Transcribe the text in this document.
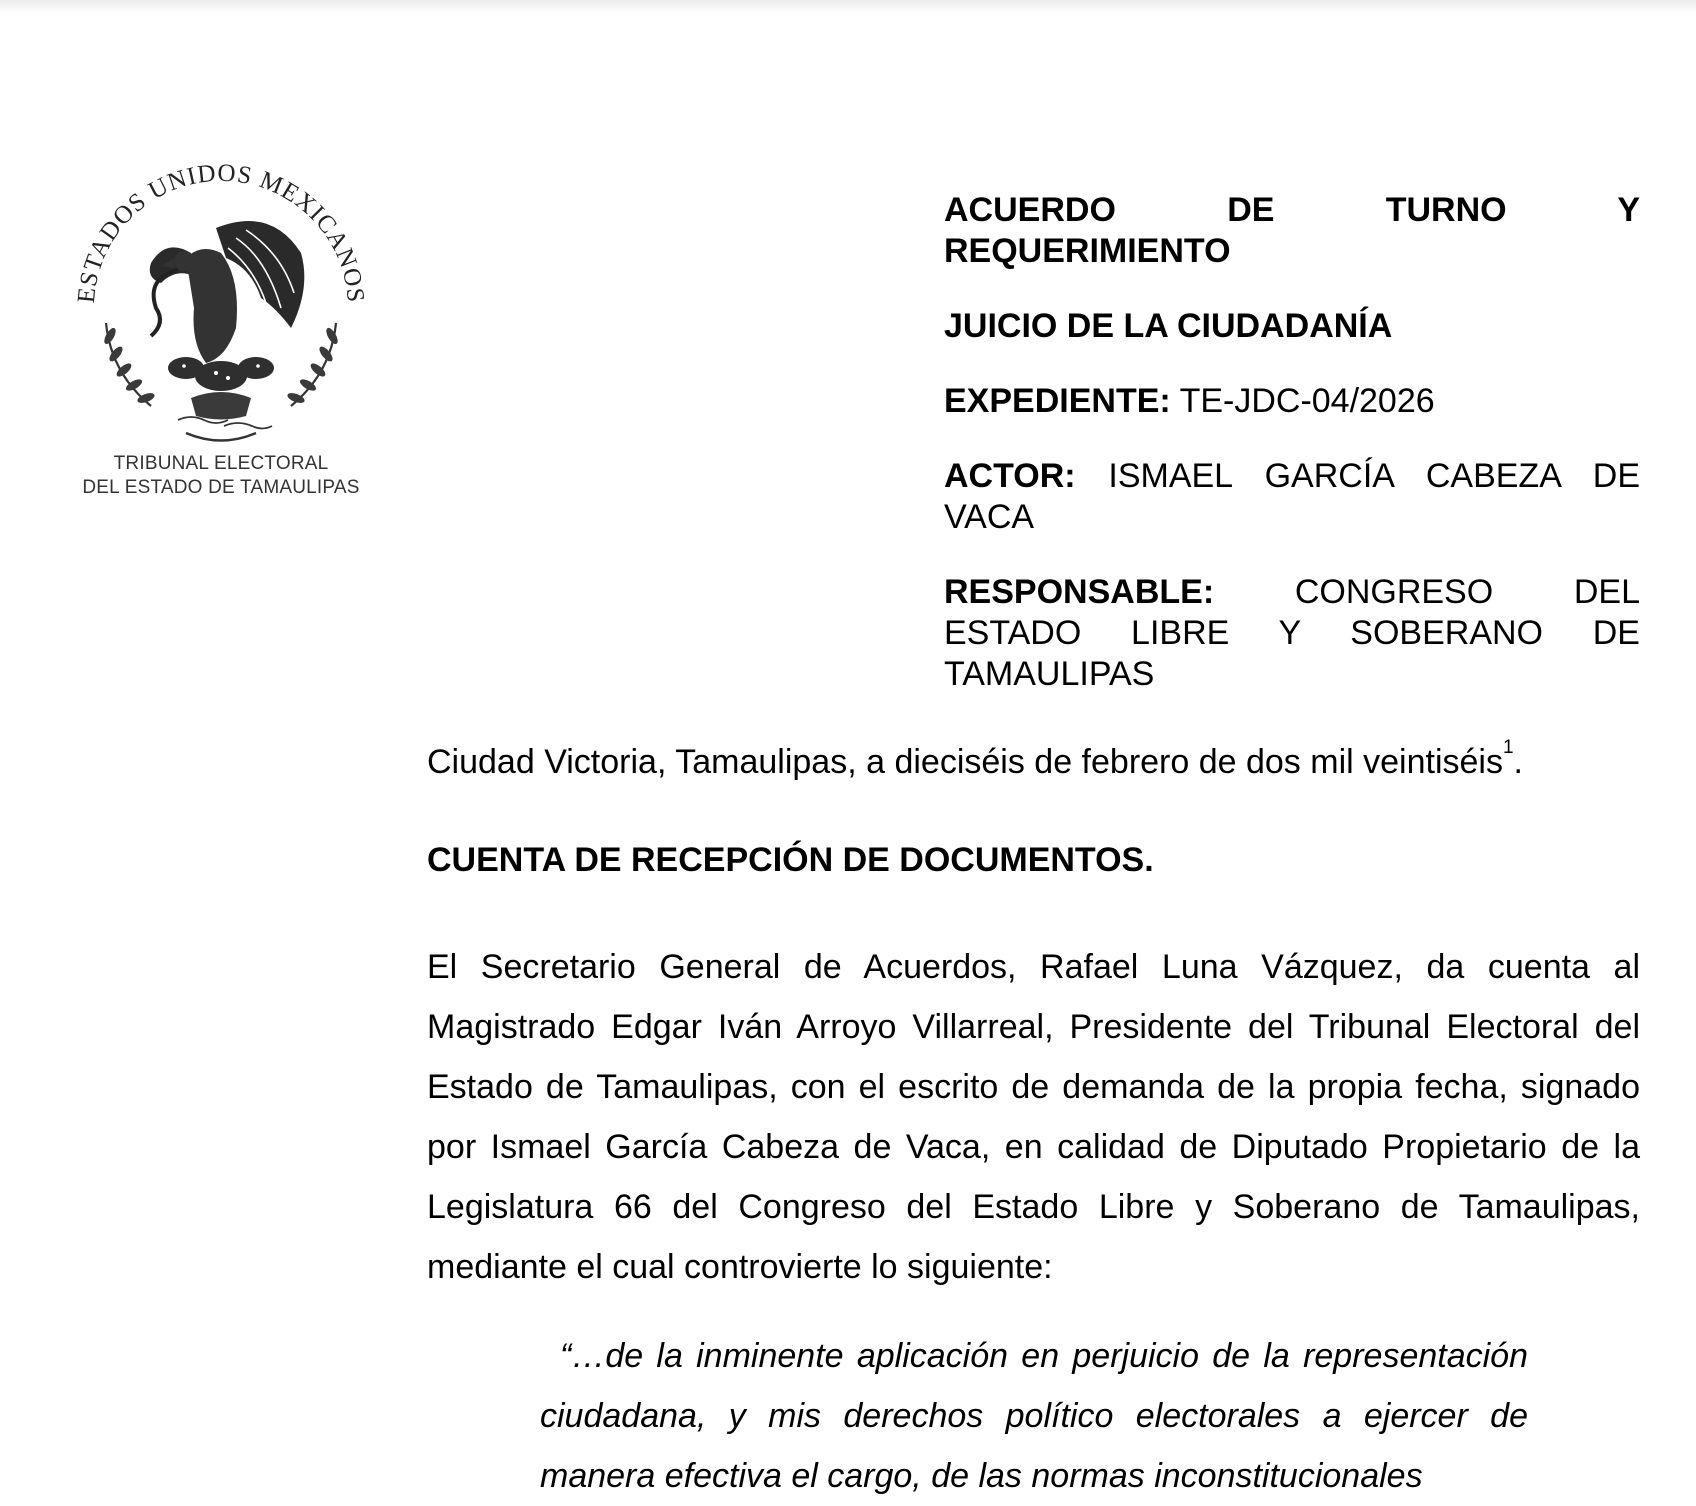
ESTADOS UNIDOS MEXICANOS
TRIBUNAL ELECTORAL
DEL ESTADO DE TAMAULIPAS
ACUERDO	DE	TURNO	Y
REQUERIMIENTO
JUICIO DE LA CIUDADANÍA
EXPEDIENTE: TE-JDC-04/2026
ACTOR: ISMAEL GARCÍA CABEZA DE VACA
RESPONSABLE: CONGRESO DEL ESTADO LIBRE Y SOBERANO DE TAMAULIPAS
Ciudad Victoria, Tamaulipas, a dieciséis de febrero de dos mil veintiséis$^1$.
CUENTA DE RECEPCIÓN DE DOCUMENTOS.
El Secretario General de Acuerdos, Rafael Luna Vázquez, da cuenta al Magistrado Edgar Iván Arroyo Villarreal, Presidente del Tribunal Electoral del Estado de Tamaulipas, con el escrito de demanda de la propia fecha, signado por Ismael García Cabeza de Vaca, en calidad de Diputado Propietario de la Legislatura 66 del Congreso del Estado Libre y Soberano de Tamaulipas, mediante el cual controvierte lo siguiente:
“…de la inminente aplicación en perjuicio de la representación ciudadana, y mis derechos político electorales a ejercer de manera efectiva el cargo, de las normas inconstitucionales
